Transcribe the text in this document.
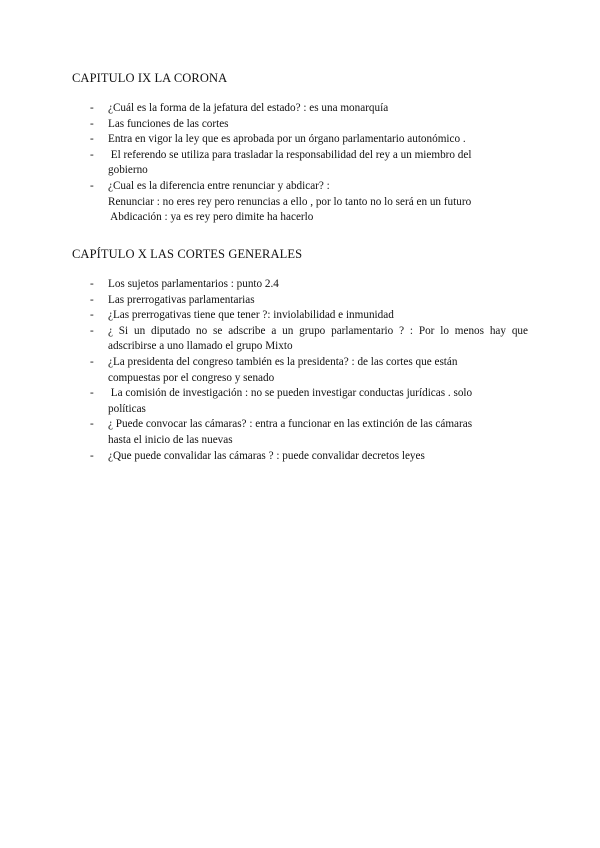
CAPITULO IX LA CORONA
- ¿Cuál es la forma de la jefatura del estado? : es una monarquía
- Las funciones de las cortes
- Entra en vigor la ley que es aprobada por un órgano parlamentario autonómico .
- El referendo se utiliza para trasladar la responsabilidad del rey a un miembro del
gobierno
- ¿Cual es la diferencia entre renunciar y abdicar? :
Renunciar : no eres rey pero renuncias a ello , por lo tanto no lo será en un futuro
Abdicación : ya es rey pero dimite ha hacerlo
CAPÍTULO X LAS CORTES GENERALES
- Los sujetos parlamentarios : punto 2.4
- Las prerrogativas parlamentarias
- ¿Las prerrogativas tiene que tener ?: inviolabilidad e inmunidad
- ¿ Si un diputado no se adscribe a un grupo parlamentario ? : Por lo menos hay que
adscribirse a uno llamado el grupo Mixto
- ¿La presidenta del congreso también es la presidenta? : de las cortes que están
compuestas por el congreso y senado
- La comisión de investigación : no se pueden investigar conductas jurídicas . solo
políticas
- ¿ Puede convocar las cámaras? : entra a funcionar en las extinción de las cámaras
hasta el inicio de las nuevas
- ¿Que puede convalidar las cámaras ? : puede convalidar decretos leyes
